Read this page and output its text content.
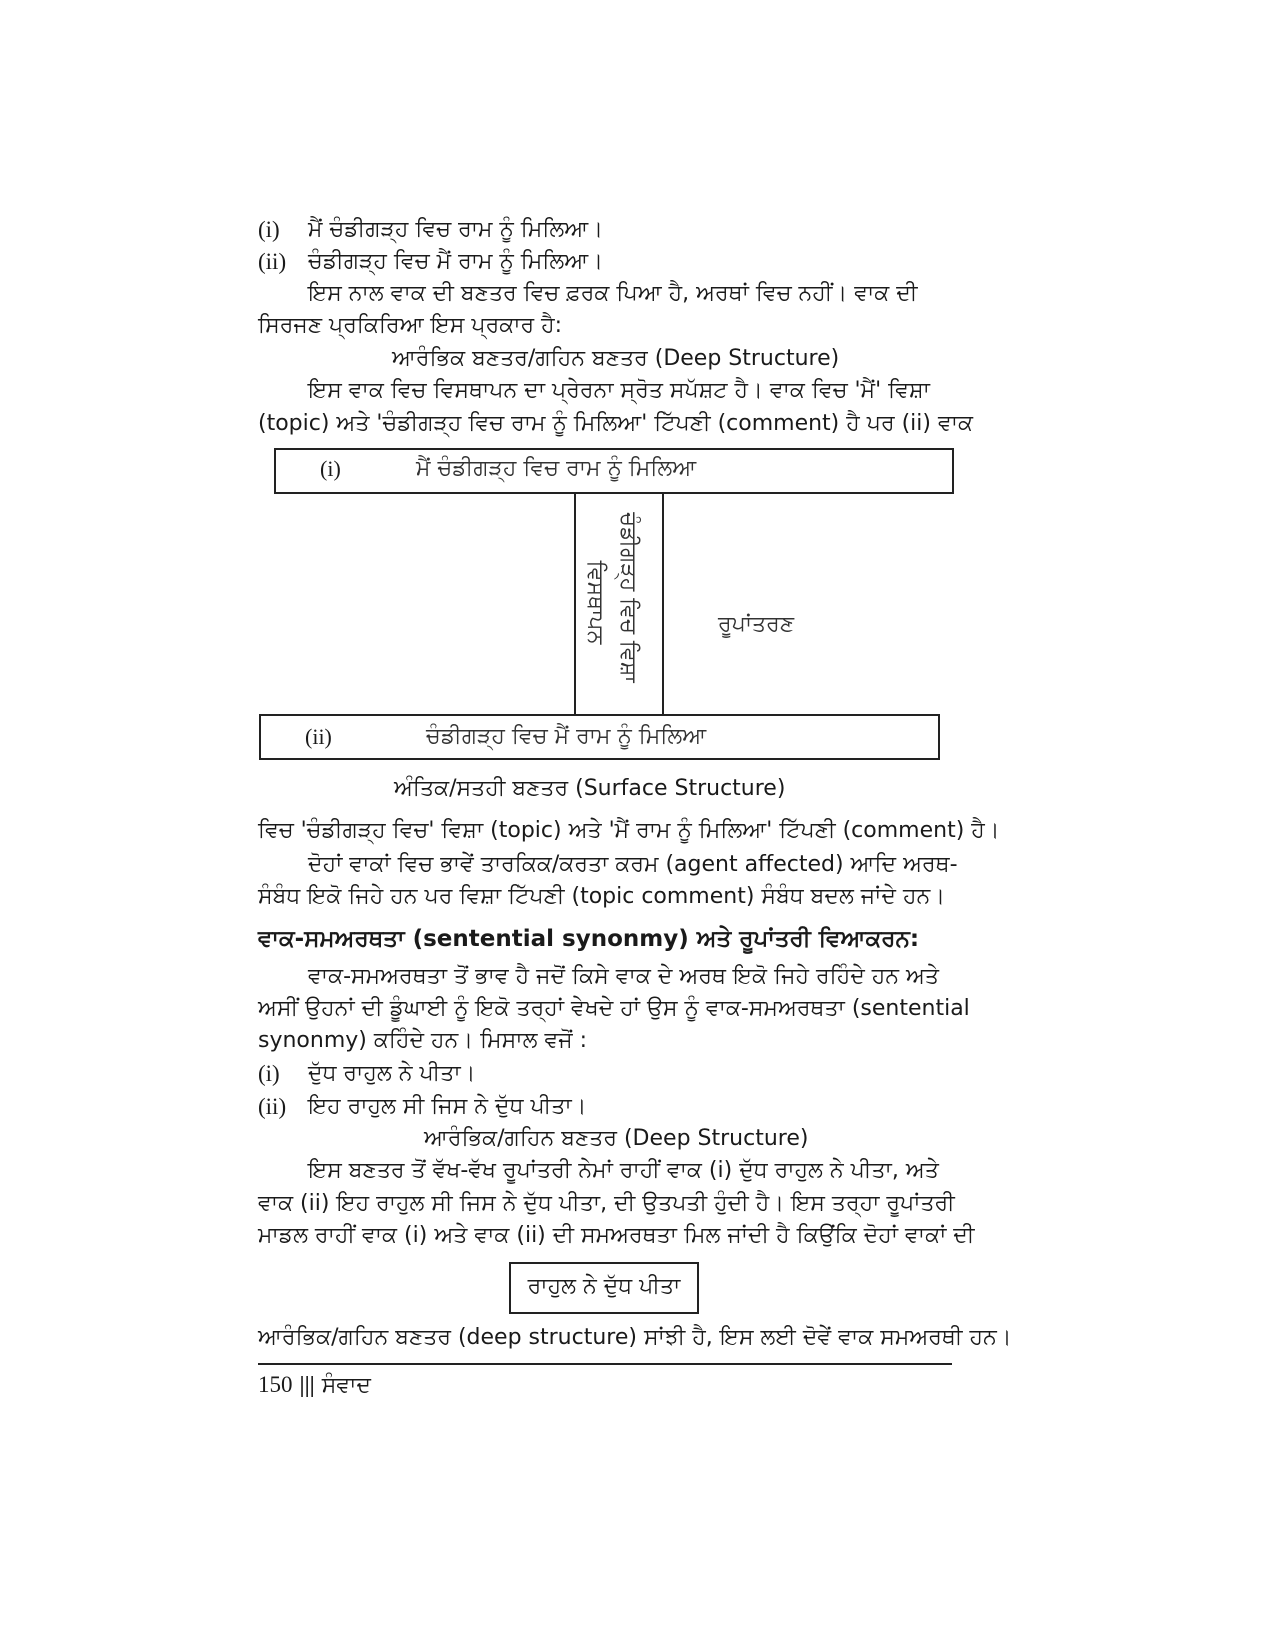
(i) ਮੈਂ ਚੰਡੀਗੜ੍ਹ ਵਿਚ ਰਾਮ ਨੂੰ ਮਿਲਿਆ।
(ii) ਚੰਡੀਗੜ੍ਹ ਵਿਚ ਮੈਂ ਰਾਮ ਨੂੰ ਮਿਲਿਆ।
ਇਸ ਨਾਲ ਵਾਕ ਦੀ ਬਣਤਰ ਵਿਚ ਫ਼ਰਕ ਪਿਆ ਹੈ, ਅਰਥਾਂ ਵਿਚ ਨਹੀਂ। ਵਾਕ ਦੀ
ਸਿਰਜਣ ਪ੍ਰਕਿਰਿਆ ਇਸ ਪ੍ਰਕਾਰ ਹੈ:
ਆਰੰਭਿਕ ਬਣਤਰ/ਗਹਿਨ ਬਣਤਰ (Deep Structure)
ਇਸ ਵਾਕ ਵਿਚ ਵਿਸਥਾਪਨ ਦਾ ਪ੍ਰੇਰਨਾ ਸ੍ਰੋਤ ਸਪੱਸ਼ਟ ਹੈ। ਵਾਕ ਵਿਚ 'ਮੈਂ' ਵਿਸ਼ਾ
(topic) ਅਤੇ 'ਚੰਡੀਗੜ੍ਹ ਵਿਚ ਰਾਮ ਨੂੰ ਮਿਲਿਆ' ਟਿੱਪਣੀ (comment) ਹੈ ਪਰ (ii) ਵਾਕ
(i)	ਮੈਂ ਚੰਡੀਗੜ੍ਹ ਵਿਚ ਰਾਮ ਨੂੰ ਮਿਲਿਆ
ਚੰਡੀਗੜ੍ਹ ਵਿਚ ਵਿਸ਼ਾ
ਵਿਸਥਾਪਨ	ਰੂਪਾਂਤਰਣ
(ii)	ਚੰਡੀਗੜ੍ਹ ਵਿਚ ਮੈਂ ਰਾਮ ਨੂੰ ਮਿਲਿਆ
ਅੰਤਿਕ/ਸਤਹੀ ਬਣਤਰ (Surface Structure)
ਵਿਚ 'ਚੰਡੀਗੜ੍ਹ ਵਿਚ' ਵਿਸ਼ਾ (topic) ਅਤੇ 'ਮੈਂ ਰਾਮ ਨੂੰ ਮਿਲਿਆ' ਟਿੱਪਣੀ (comment) ਹੈ।
ਦੋਹਾਂ ਵਾਕਾਂ ਵਿਚ ਭਾਵੇਂ ਤਾਰਕਿਕ/ਕਰਤਾ ਕਰਮ (agent affected) ਆਦਿ ਅਰਥ-
ਸੰਬੰਧ ਇਕੋ ਜਿਹੇ ਹਨ ਪਰ ਵਿਸ਼ਾ ਟਿੱਪਣੀ (topic comment) ਸੰਬੰਧ ਬਦਲ ਜਾਂਦੇ ਹਨ।
ਵਾਕ-ਸਮਅਰਥਤਾ (sentential synonmy) ਅਤੇ ਰੂਪਾਂਤਰੀ ਵਿਆਕਰਨ:
ਵਾਕ-ਸਮਅਰਥਤਾ ਤੋਂ ਭਾਵ ਹੈ ਜਦੋਂ ਕਿਸੇ ਵਾਕ ਦੇ ਅਰਥ ਇਕੋ ਜਿਹੇ ਰਹਿੰਦੇ ਹਨ ਅਤੇ
ਅਸੀਂ ਉਹਨਾਂ ਦੀ ਡੂੰਘਾਈ ਨੂੰ ਇਕੋ ਤਰ੍ਹਾਂ ਵੇਖਦੇ ਹਾਂ ਉਸ ਨੂੰ ਵਾਕ-ਸਮਅਰਥਤਾ (sentential
synonmy) ਕਹਿੰਦੇ ਹਨ। ਮਿਸਾਲ ਵਜੋਂ :
(i) ਦੁੱਧ ਰਾਹੁਲ ਨੇ ਪੀਤਾ।
(ii) ਇਹ ਰਾਹੁਲ ਸੀ ਜਿਸ ਨੇ ਦੁੱਧ ਪੀਤਾ।
ਆਰੰਭਿਕ/ਗਹਿਨ ਬਣਤਰ (Deep Structure)
ਇਸ ਬਣਤਰ ਤੋਂ ਵੱਖ-ਵੱਖ ਰੂਪਾਂਤਰੀ ਨੇਮਾਂ ਰਾਹੀਂ ਵਾਕ (i) ਦੁੱਧ ਰਾਹੁਲ ਨੇ ਪੀਤਾ, ਅਤੇ
ਵਾਕ (ii) ਇਹ ਰਾਹੁਲ ਸੀ ਜਿਸ ਨੇ ਦੁੱਧ ਪੀਤਾ, ਦੀ ਉਤਪਤੀ ਹੁੰਦੀ ਹੈ। ਇਸ ਤਰ੍ਹਾ ਰੂਪਾਂਤਰੀ
ਮਾਡਲ ਰਾਹੀਂ ਵਾਕ (i) ਅਤੇ ਵਾਕ (ii) ਦੀ ਸਮਅਰਥਤਾ ਮਿਲ ਜਾਂਦੀ ਹੈ ਕਿਉਂਕਿ ਦੋਹਾਂ ਵਾਕਾਂ ਦੀ
ਰਾਹੁਲ ਨੇ ਦੁੱਧ ਪੀਤਾ
ਆਰੰਭਿਕ/ਗਹਿਨ ਬਣਤਰ (deep structure) ਸਾਂਝੀ ਹੈ, ਇਸ ਲਈ ਦੋਵੇਂ ਵਾਕ ਸਮਅਰਥੀ ਹਨ।
150 ||| ਸੰਵਾਦ
